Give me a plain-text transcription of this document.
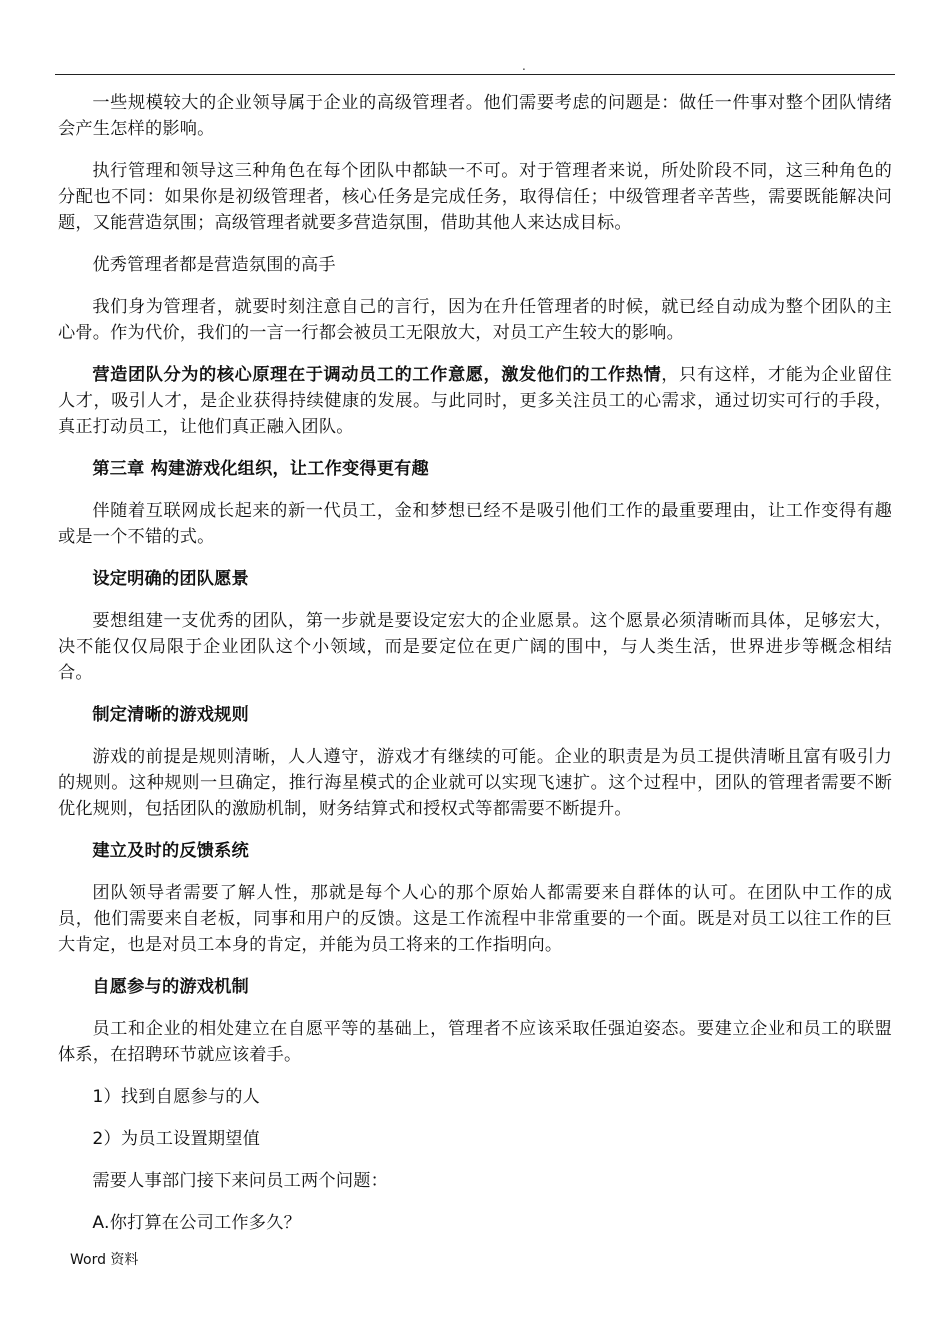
.

一些规模较大的企业领导属于企业的高级管理者。他们需要考虑的问题是：做任一件事对整个团队情绪会产生怎样的影响。

执行管理和领导这三种角色在每个团队中都缺一不可。对于管理者来说，所处阶段不同，这三种角色的分配也不同：如果你是初级管理者，核心任务是完成任务，取得信任；中级管理者辛苦些，需要既能解决问题，又能营造氛围；高级管理者就要多营造氛围，借助其他人来达成目标。

优秀管理者都是营造氛围的高手

我们身为管理者，就要时刻注意自己的言行，因为在升任管理者的时候，就已经自动成为整个团队的主心骨。作为代价，我们的一言一行都会被员工无限放大，对员工产生较大的影响。

营造团队分为的核心原理在于调动员工的工作意愿，激发他们的工作热情，只有这样，才能为企业留住人才，吸引人才，是企业获得持续健康的发展。与此同时，更多关注员工的心需求，通过切实可行的手段，真正打动员工，让他们真正融入团队。

第三章 构建游戏化组织，让工作变得更有趣

伴随着互联网成长起来的新一代员工，金和梦想已经不是吸引他们工作的最重要理由，让工作变得有趣或是一个不错的式。

设定明确的团队愿景

要想组建一支优秀的团队，第一步就是要设定宏大的企业愿景。这个愿景必须清晰而具体，足够宏大，决不能仅仅局限于企业团队这个小领域，而是要定位在更广阔的围中，与人类生活，世界进步等概念相结合。

制定清晰的游戏规则

游戏的前提是规则清晰，人人遵守，游戏才有继续的可能。企业的职责是为员工提供清晰且富有吸引力的规则。这种规则一旦确定，推行海星模式的企业就可以实现飞速扩。这个过程中，团队的管理者需要不断优化规则，包括团队的激励机制，财务结算式和授权式等都需要不断提升。

建立及时的反馈系统

团队领导者需要了解人性，那就是每个人心的那个原始人都需要来自群体的认可。在团队中工作的成员，他们需要来自老板，同事和用户的反馈。这是工作流程中非常重要的一个面。既是对员工以往工作的巨大肯定，也是对员工本身的肯定，并能为员工将来的工作指明向。

自愿参与的游戏机制

员工和企业的相处建立在自愿平等的基础上，管理者不应该采取任强迫姿态。要建立企业和员工的联盟体系，在招聘环节就应该着手。

1）找到自愿参与的人

2）为员工设置期望值

需要人事部门接下来问员工两个问题：

A.你打算在公司工作多久？

Word 资料
